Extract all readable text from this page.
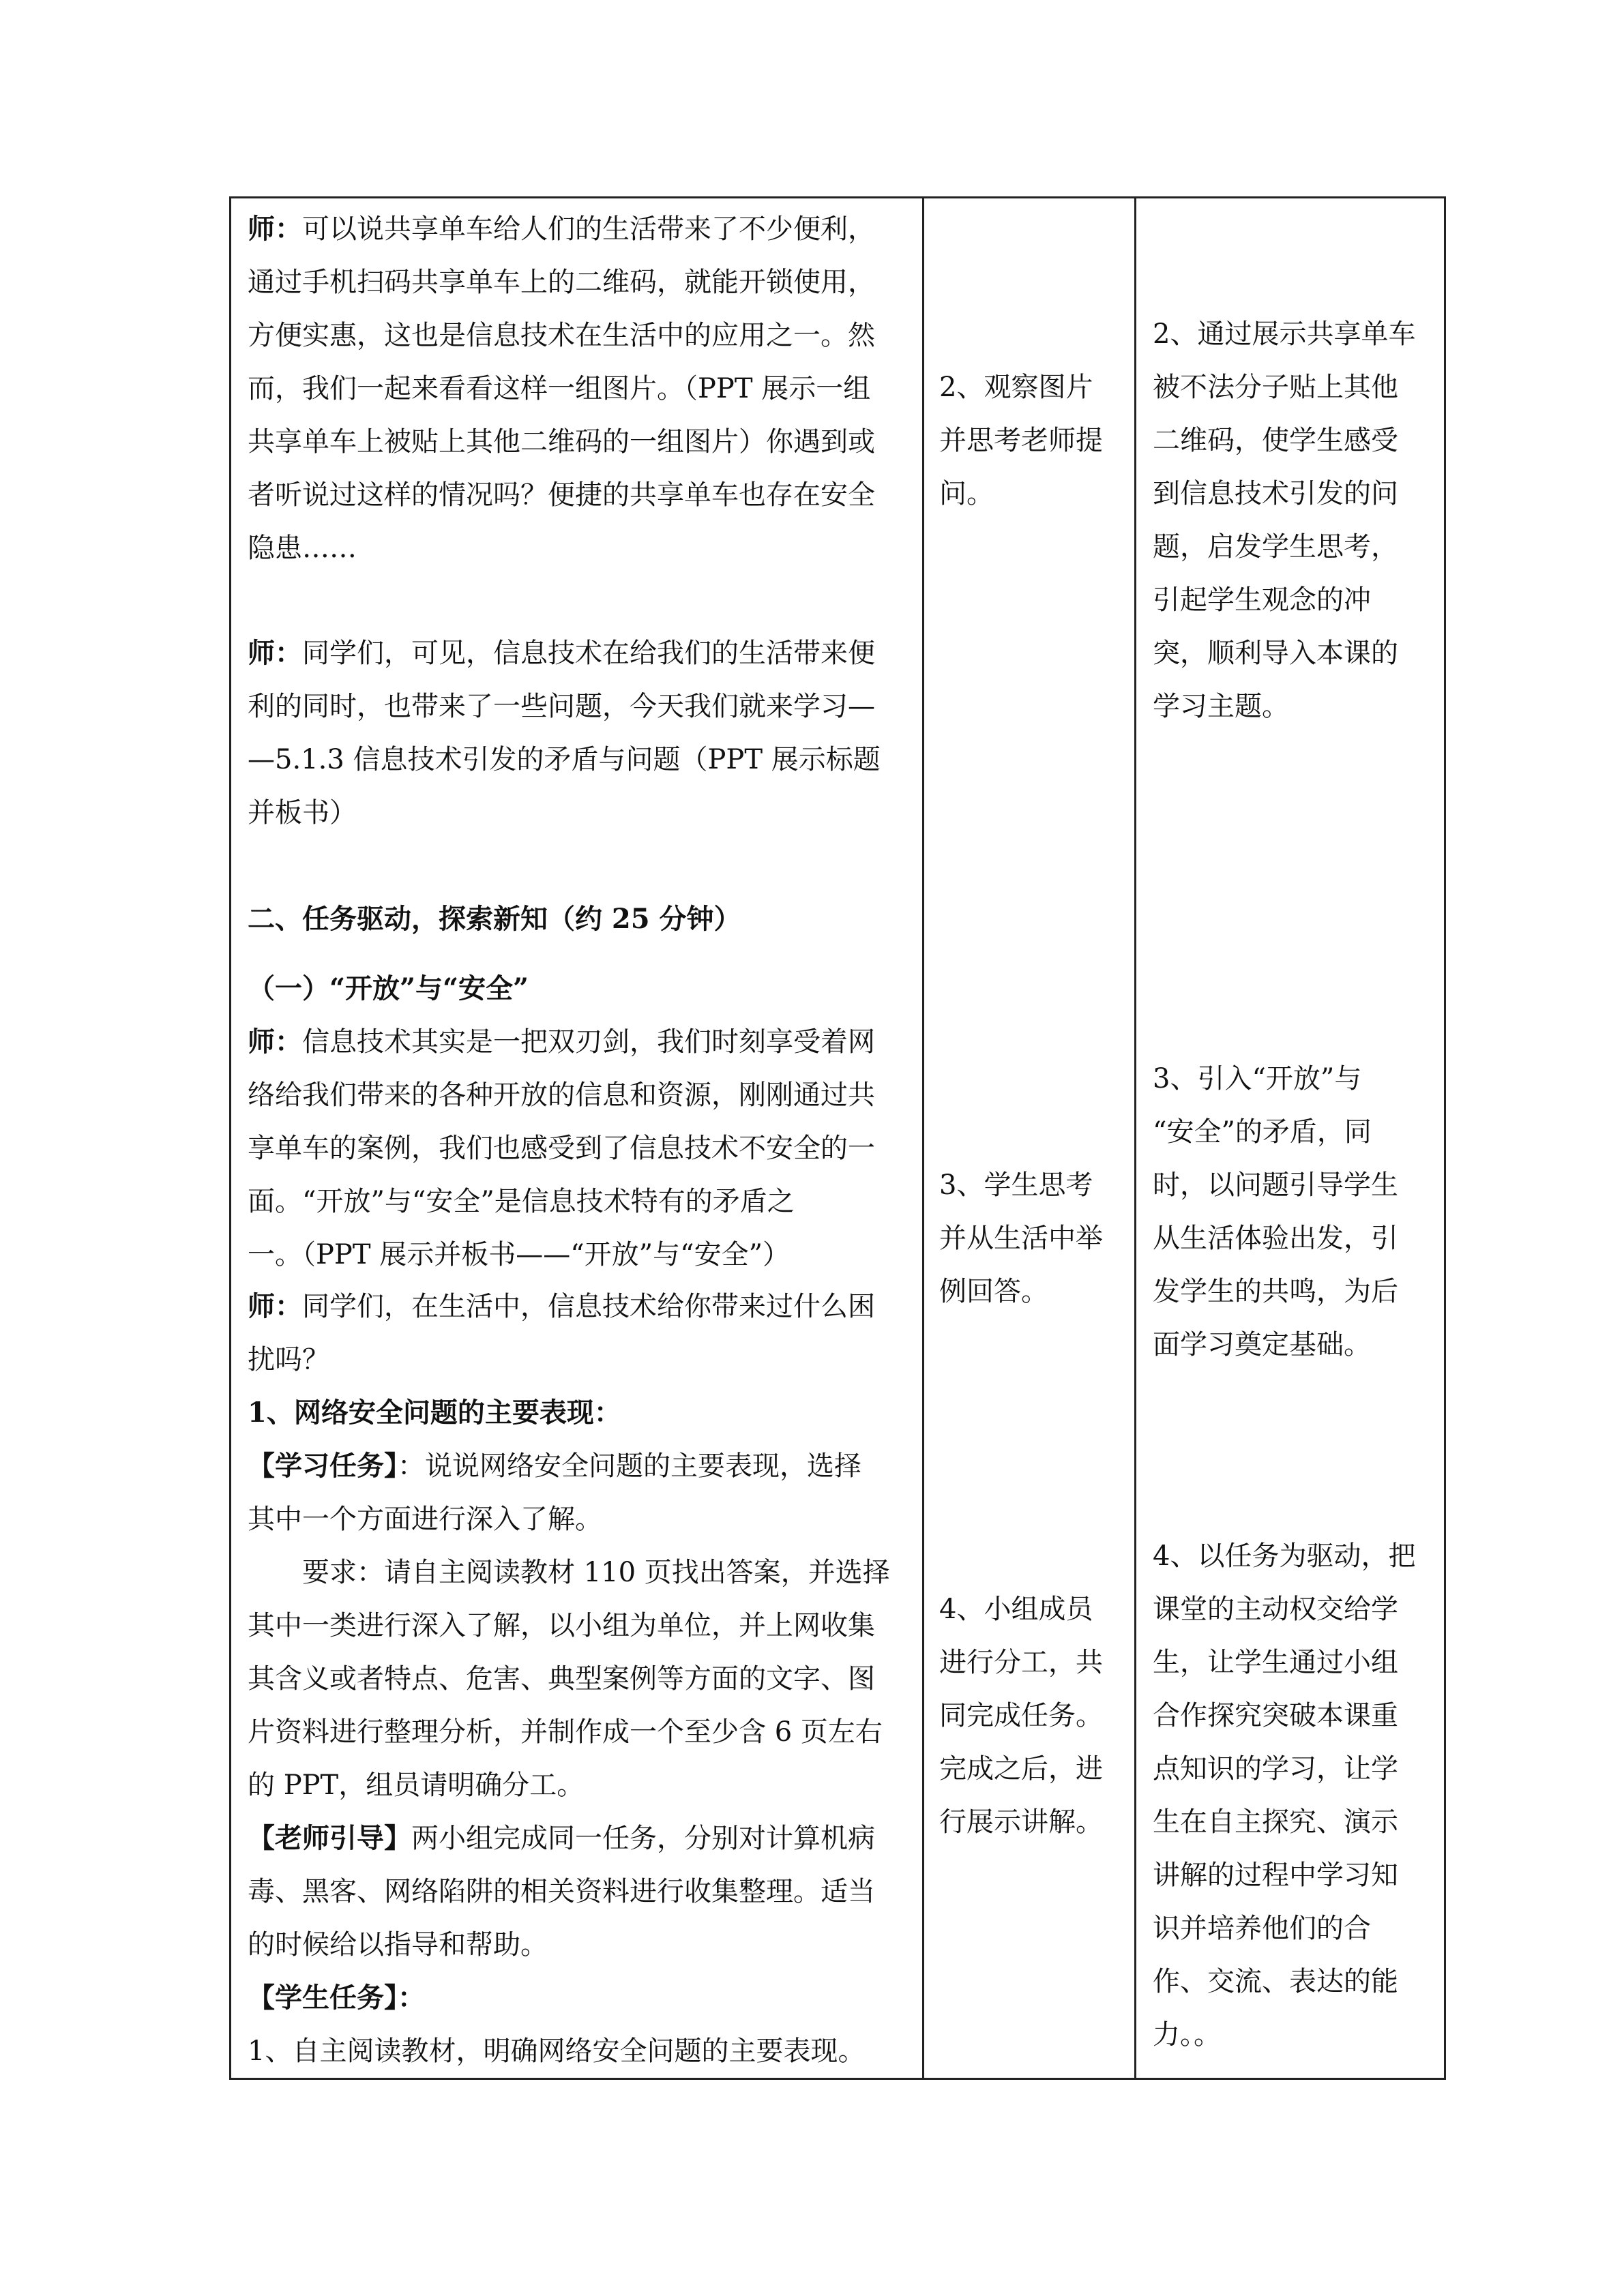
师：可以说共享单车给人们的生活带来了不少便利，
通过手机扫码共享单车上的二维码，就能开锁使用，
方便实惠，这也是信息技术在生活中的应用之一。然
而，我们一起来看看这样一组图片。（PPT 展示一组
共享单车上被贴上其他二维码的一组图片）你遇到或
者听说过这样的情况吗？便捷的共享单车也存在安全
隐患……
师：同学们，可见，信息技术在给我们的生活带来便
利的同时，也带来了一些问题，今天我们就来学习—
—5.1.3 信息技术引发的矛盾与问题（PPT 展示标题
并板书）
二、任务驱动，探索新知（约 25 分钟）
（一）“开放”与“安全”
师：信息技术其实是一把双刃剑，我们时刻享受着网
络给我们带来的各种开放的信息和资源，刚刚通过共
享单车的案例，我们也感受到了信息技术不安全的一
面。“开放”与“安全”是信息技术特有的矛盾之
一。（PPT 展示并板书——“开放”与“安全”）
师：同学们，在生活中，信息技术给你带来过什么困
扰吗？
1、网络安全问题的主要表现：
【学习任务】：说说网络安全问题的主要表现，选择
其中一个方面进行深入了解。
要求：请自主阅读教材 110 页找出答案，并选择
其中一类进行深入了解，以小组为单位，并上网收集
其含义或者特点、危害、典型案例等方面的文字、图
片资料进行整理分析，并制作成一个至少含 6 页左右
的 PPT，组员请明确分工。
【老师引导】两小组完成同一任务，分别对计算机病
毒、黑客、网络陷阱的相关资料进行收集整理。适当
的时候给以指导和帮助。
【学生任务】：
1、自主阅读教材，明确网络安全问题的主要表现。
2、观察图片
并思考老师提
问。
3、学生思考
并从生活中举
例回答。
4、小组成员
进行分工，共
同完成任务。
完成之后，进
行展示讲解。
2、通过展示共享单车
被不法分子贴上其他
二维码，使学生感受
到信息技术引发的问
题，启发学生思考，
引起学生观念的冲
突，顺利导入本课的
学习主题。
3、引入“开放”与
“安全”的矛盾，同
时，以问题引导学生
从生活体验出发，引
发学生的共鸣，为后
面学习奠定基础。
4、以任务为驱动，把
课堂的主动权交给学
生，让学生通过小组
合作探究突破本课重
点知识的学习，让学
生在自主探究、演示
讲解的过程中学习知
识并培养他们的合
作、交流、表达的能
力。。
